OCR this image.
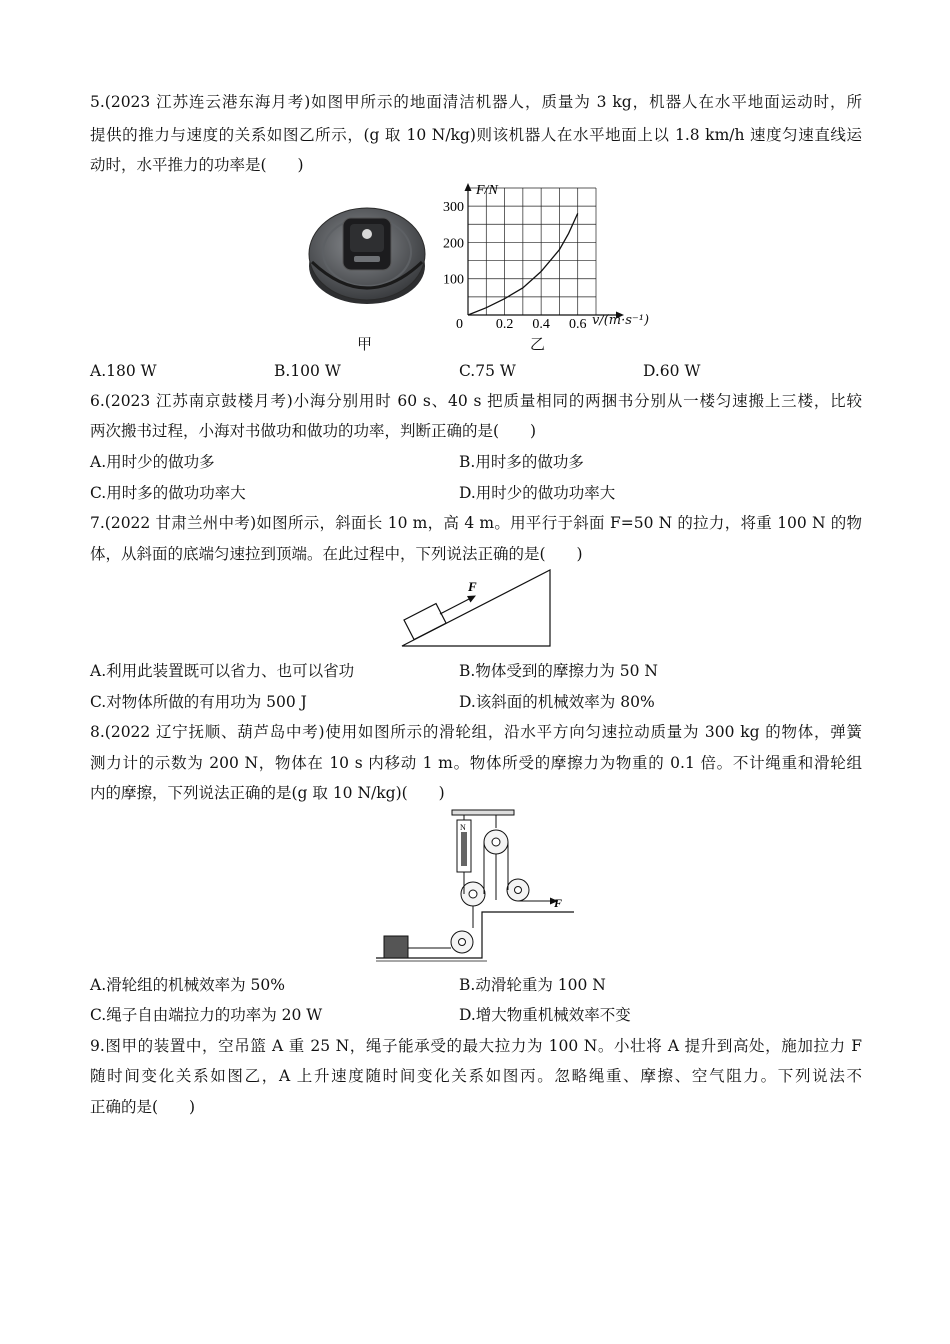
5.(2023 江苏连云港东海月考)如图甲所示的地面清洁机器人，质量为 3 kg，机器人在水平地面运动时，所
提供的推力与速度的关系如图乙所示，(g 取 10 N/kg)则该机器人在水平地面上以 1.8 km/h 速度匀速直线运
动时，水平推力的功率是(　　)
甲
F/N
0 0.2 0.4 0.6
100
200
300
v/(m·s⁻¹)
乙
A.180 W	B.100 W	C.75 W	D.60 W
6.(2023 江苏南京鼓楼月考)小海分别用时 60 s、40 s 把质量相同的两捆书分别从一楼匀速搬上三楼，比较
两次搬书过程，小海对书做功和做功的功率，判断正确的是(　　)
A.用时少的做功多	B.用时多的做功多
C.用时多的做功功率大	D.用时少的做功功率大
7.(2022 甘肃兰州中考)如图所示，斜面长 10 m，高 4 m。用平行于斜面 F=50 N 的拉力，将重 100 N 的物
体，从斜面的底端匀速拉到顶端。在此过程中，下列说法正确的是(　　)
F
A.利用此装置既可以省力、也可以省功	B.物体受到的摩擦力为 50 N
C.对物体所做的有用功为 500 J	D.该斜面的机械效率为 80%
8.(2022 辽宁抚顺、葫芦岛中考)使用如图所示的滑轮组，沿水平方向匀速拉动质量为 300 kg 的物体，弹簧
测力计的示数为 200 N，物体在 10 s 内移动 1 m。物体所受的摩擦力为物重的 0.1 倍。不计绳重和滑轮组
内的摩擦，下列说法正确的是(g 取 10 N/kg)(　　)
N
F
A.滑轮组的机械效率为 50%	B.动滑轮重为 100 N
C.绳子自由端拉力的功率为 20 W	D.增大物重机械效率不变
9.图甲的装置中，空吊篮 A 重 25 N，绳子能承受的最大拉力为 100 N。小壮将 A 提升到高处，施加拉力 F
随时间变化关系如图乙，A 上升速度随时间变化关系如图丙。忽略绳重、摩擦、空气阻力。下列说法不
正确的是(　　)
